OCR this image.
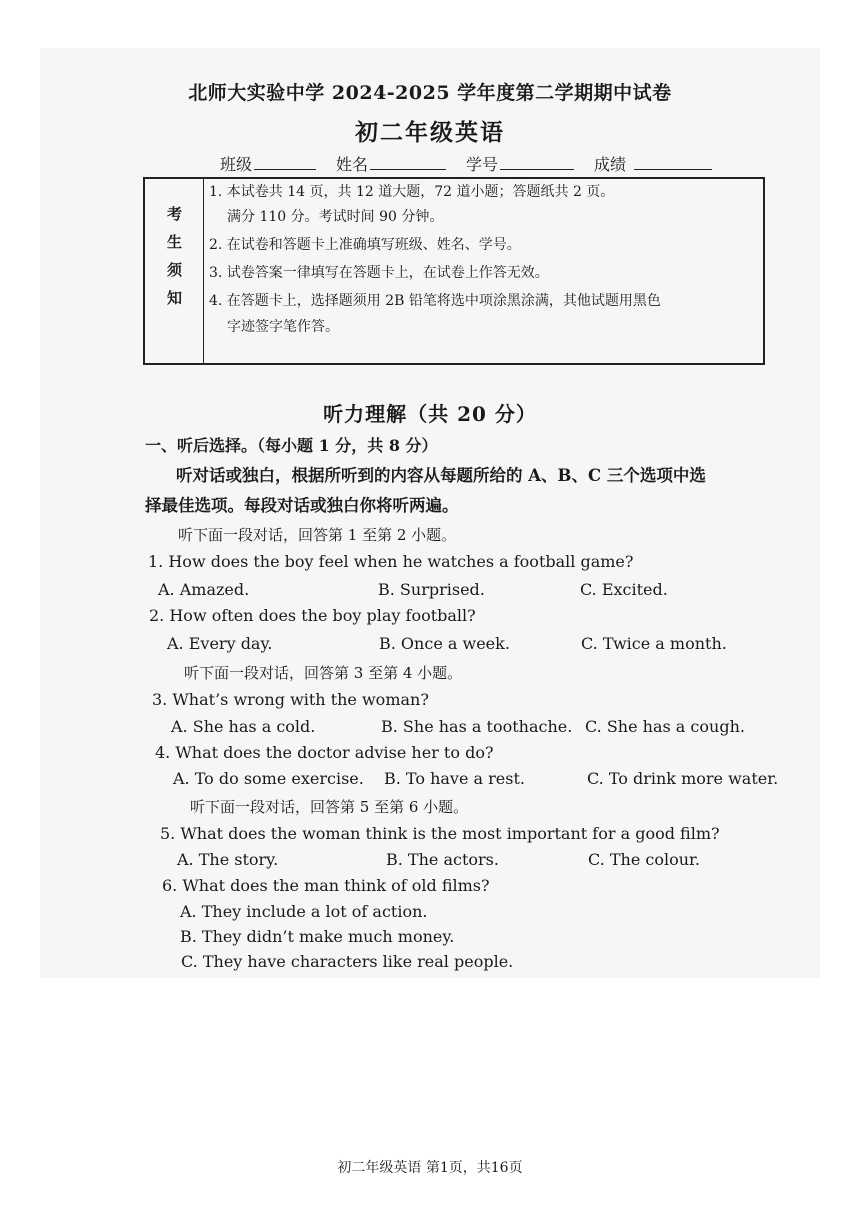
北师大实验中学 2024-2025 学年度第二学期期中试卷
初二年级英语
班级	姓名	学号	成绩
考
生
须
知
1. 本试卷共 14 页，共 12 道大题，72 道小题；答题纸共 2 页。
满分 110 分。考试时间 90 分钟。
2. 在试卷和答题卡上准确填写班级、姓名、学号。
3. 试卷答案一律填写在答题卡上，在试卷上作答无效。
4. 在答题卡上，选择题须用 2B 铅笔将选中项涂黑涂满，其他试题用黑色
字迹签字笔作答。
听力理解（共 20 分）
一、听后选择。（每小题 1 分，共 8 分）
听对话或独白，根据所听到的内容从每题所给的 A、B、C 三个选项中选
择最佳选项。每段对话或独白你将听两遍。
听下面一段对话，回答第 1 至第 2 小题。
1. How does the boy feel when he watches a football game?
A. Amazed.	B. Surprised.	C. Excited.
2. How often does the boy play football?
A. Every day.	B. Once a week.	C. Twice a month.
听下面一段对话，回答第 3 至第 4 小题。
3. What’s wrong with the woman?
A. She has a cold.	B. She has a toothache. C. She has a cough.
4. What does the doctor advise her to do?
A. To do some exercise. B. To have a rest.	C. To drink more water.
听下面一段对话，回答第 5 至第 6 小题。
5. What does the woman think is the most important for a good film?
A. The story.	B. The actors.	C. The colour.
6. What does the man think of old films?
A. They include a lot of action.
B. They didn’t make much money.
C. They have characters like real people.
初二年级英语 第1页，共16页
